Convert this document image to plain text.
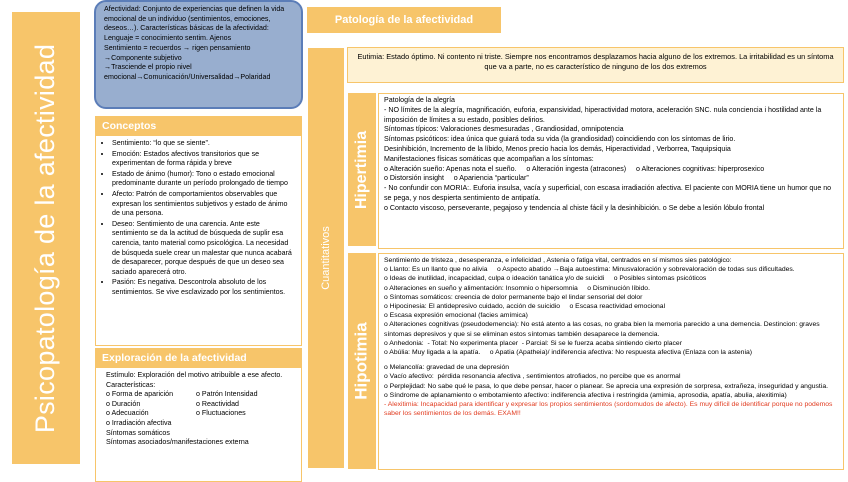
Psicopatología de la afectividad
Afectividad: Conjunto de experiencias que definen la vida emocional de un individuo (sentimientos, emociones, deseos…). Características básicas de la afectividad:
Lenguaje = conocimiento sentim. Ajenos
Sentimiento = recuerdos → rigen pensamiento →Componente subjetivo
→Trasciende el propio nivel emocional→Comunicación/Universalidad→Polaridad
Conceptos
• Sentimiento: “lo que se siente”.
• Emoción: Estados afectivos transitorios que se experimentan de forma rápida y breve
• Estado de ánimo (humor): Tono o estado emocional predominante durante un período prolongado de tiempo
• Afecto: Patrón de comportamientos observables que expresan los sentimientos subjetivos y estado de ánimo de una persona.
• Deseo: Sentimiento de una carencia. Ante este sentimiento se da la actitud de búsqueda de suplir esa carencia, tanto material como psicológica. La necesidad de búsqueda suele crear un malestar que nunca acabará de desaparecer, porque después de que un deseo sea saciado aparecerá otro.
• Pasión: Es negativa. Descontrola absoluto de los sentimientos. Se vive esclavizado por los sentimientos.
Exploración de la afectividad
Estímulo: Exploración del motivo atribuible a ese afecto.
Características:
o Forma de aparición	o Patrón Intensidad
o Duración	o Reactividad
o Adecuación	o Fluctuaciones
o Irradiación afectiva
Síntomas somáticos
Síntomas asociados/manifestaciones externa
Patología de la afectividad
Cuantitativos
Eutimia: Estado óptimo. Ni contento ni triste. Siempre nos encontramos desplazamos hacia alguno de los extremos. La irritabilidad es un síntoma que va a parte, no es característico de ninguno de los dos extremos
Hipertimia
Patología de la alegría
- NO límites de la alegría, magnificación, euforia, expansividad, hiperactividad motora, aceleración SNC. nula conciencia i hostilidad ante la imposición de límites a su estado, posibles delirios.
Síntomas típicos: Valoraciones desmesuradas , Grandiosidad, omnipotencia
Síntomas psicóticos: idea única que guiará toda su vida (la grandiosidad) coincidiendo con los síntomas de lirio.
Desinhibición, Incremento de la líbido, Menos precio hacia los demás, Hiperactividad , Verborrea, Taquipsiquia
Manifestaciones físicas somáticas que acompañan a los síntomas:
o Alteración sueño: Apenas nota el sueño.     o Alteración ingesta (atracones)     o Alteraciones cognitivas: hiperprosexico
o Distorsión insight     o Apariencia “particular”
- No confundir con MORIA:. Euforia insulsa, vacía y superficial, con escasa irradiación afectiva. El paciente con MORIA tiene un humor que no se pega, y nos despierta sentimiento de antipatía.
o Contacto viscoso, perseverante, pegajoso y tendencia al chiste fácil y la desinhibición. o Se debe a lesión lóbulo frontal
Hipotimia
Sentimiento de tristeza , desesperanza, e infelicidad , Astenia o fatiga vital, centrados en sí mismos sies patológico:
o Llanto: Es un llanto que no alivia     o Aspecto abatido →Baja autoestima: Minusvaloración y sobrevaloración de todas sus dificultades.
o Ideas de inutilidad, incapacidad, culpa o ideación tanática y/o de suicidi     o Posibles síntomas psicóticos
o Alteraciones en sueño y alimentación: Insomnio o hipersomnia     o Disminución líbido.
o Síntomas somáticos: creencia de dolor permanente bajo el lindar sensorial del dolor
o Hipocinesia: El antidepresivo cuidado, acción de suicidio     o Escasa reactividad emocional
o Escasa expresión emocional (facies amímica)
o Alteraciones cognitivas (pseudodemencia): No está atento a las cosas, no graba bien la memoria parecido a una demencia. Destincion: graves síntomas depresivos y que si se eliminan estos síntomas también desaparece la demencia.
o Anhedonia:  - Total: No experimenta placer  - Parcial: Si se le fuerza acaba sintiendo cierto placer
o Abúlia: Muy ligada a la apatía.     o Apatia (Apatheia)/ indiferencia afectiva: No respuesta afectiva (Enlaza con la astenia)
o Melancolía: gravedad de una depresión
o Vacío afectivo:  pérdida resonancia afectiva , sentimientos atrofiados, no percibe que es anormal
o Perplejidad: No sabe qué le pasa, lo que debe pensar, hacer o planear. Se aprecia una expresión de sorpresa, extrañeza, inseguridad y angustia.
o Síndrome de aplanamiento o embotamiento afectivo: indiferencia afectiva i restringida (amimia, aprosodia, apatía, abulia, alexitimia)
- Alexitimia: Incapacidad para identificar y expresar los propios sentimientos (sordomudos de afecto). Es muy difícil de identificar porque no podemos saber los sentimientos de los demás. EXAM!!
